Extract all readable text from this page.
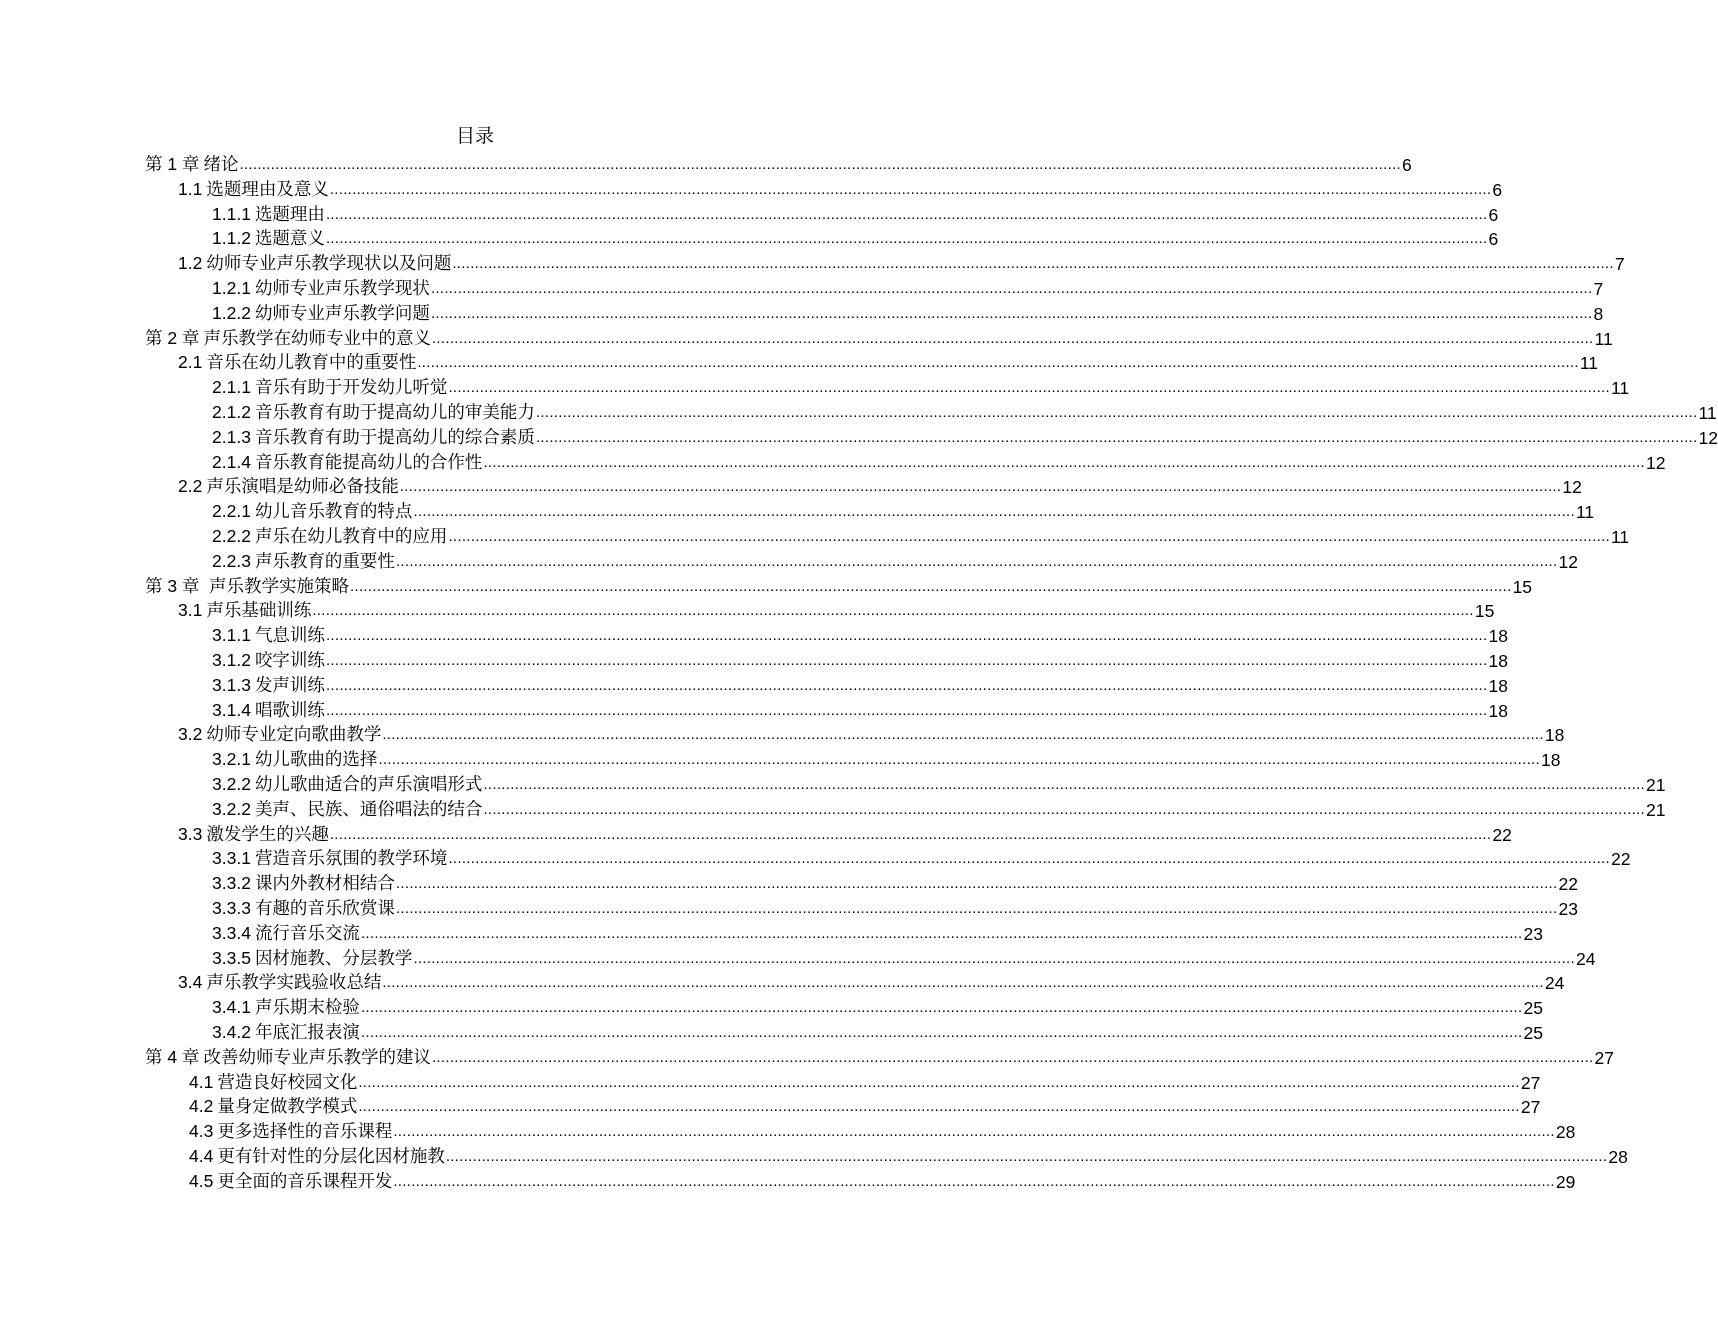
目录
第 1 章 绪论 .................................................................................................................................................................................................................................................................... 6
1.1 选题理由及意义 .................................................................................................................................................................................................................................................................... 6
1.1.1 选题理由 .................................................................................................................................................................................................................................................................... 6
1.1.2 选题意义 .................................................................................................................................................................................................................................................................... 6
1.2 幼师专业声乐教学现状以及问题 .................................................................................................................................................................................................................................................................... 7
1.2.1 幼师专业声乐教学现状 .................................................................................................................................................................................................................................................................... 7
1.2.2 幼师专业声乐教学问题 .................................................................................................................................................................................................................................................................... 8
第 2 章 声乐教学在幼师专业中的意义 .................................................................................................................................................................................................................................................................... 11
2.1 音乐在幼儿教育中的重要性 .................................................................................................................................................................................................................................................................... 11
2.1.1 音乐有助于开发幼儿听觉 .................................................................................................................................................................................................................................................................... 11
2.1.2 音乐教育有助于提高幼儿的审美能力 .................................................................................................................................................................................................................................................................... 11
2.1.3 音乐教育有助于提高幼儿的综合素质 .................................................................................................................................................................................................................................................................... 12
2.1.4 音乐教育能提高幼儿的合作性 .................................................................................................................................................................................................................................................................... 12
2.2 声乐演唱是幼师必备技能 .................................................................................................................................................................................................................................................................... 12
2.2.1 幼儿音乐教育的特点 .................................................................................................................................................................................................................................................................... 11
2.2.2 声乐在幼儿教育中的应用 .................................................................................................................................................................................................................................................................... 11
2.2.3 声乐教育的重要性 .................................................................................................................................................................................................................................................................... 12
第 3 章 声乐教学实施策略 .................................................................................................................................................................................................................................................................... 15
3.1 声乐基础训练 .................................................................................................................................................................................................................................................................... 15
3.1.1 气息训练 .................................................................................................................................................................................................................................................................... 18
3.1.2 咬字训练 .................................................................................................................................................................................................................................................................... 18
3.1.3 发声训练 .................................................................................................................................................................................................................................................................... 18
3.1.4 唱歌训练 .................................................................................................................................................................................................................................................................... 18
3.2 幼师专业定向歌曲教学 .................................................................................................................................................................................................................................................................... 18
3.2.1 幼儿歌曲的选择 .................................................................................................................................................................................................................................................................... 18
3.2.2 幼儿歌曲适合的声乐演唱形式 .................................................................................................................................................................................................................................................................... 21
3.2.2 美声、民族、通俗唱法的结合 .................................................................................................................................................................................................................................................................... 21
3.3 激发学生的兴趣 .................................................................................................................................................................................................................................................................... 22
3.3.1 营造音乐氛围的教学环境 .................................................................................................................................................................................................................................................................... 22
3.3.2 课内外教材相结合 .................................................................................................................................................................................................................................................................... 22
3.3.3 有趣的音乐欣赏课 .................................................................................................................................................................................................................................................................... 23
3.3.4 流行音乐交流 .................................................................................................................................................................................................................................................................... 23
3.3.5 因材施教、分层教学 .................................................................................................................................................................................................................................................................... 24
3.4 声乐教学实践验收总结 .................................................................................................................................................................................................................................................................... 24
3.4.1 声乐期末检验 .................................................................................................................................................................................................................................................................... 25
3.4.2 年底汇报表演 .................................................................................................................................................................................................................................................................... 25
第 4 章 改善幼师专业声乐教学的建议 .................................................................................................................................................................................................................................................................... 27
4.1 营造良好校园文化 .................................................................................................................................................................................................................................................................... 27
4.2 量身定做教学模式 .................................................................................................................................................................................................................................................................... 27
4.3 更多选择性的音乐课程 .................................................................................................................................................................................................................................................................... 28
4.4 更有针对性的分层化因材施教 .................................................................................................................................................................................................................................................................... 28
4.5 更全面的音乐课程开发 .................................................................................................................................................................................................................................................................... 29
